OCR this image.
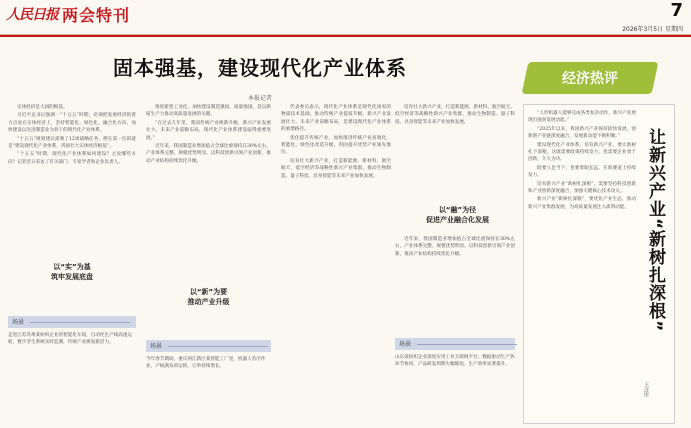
人民日报 两会特刊	7
2026年3月5日 星期四
固本强基，建设现代化产业体系
本报记者

实体经济是大国的根基。

习近平总书记强调：“十五五”时期，必须把发展经济的着力点放在实体经济上，坚持智能化、绿色化、融合化方向，加快建设以先进制造业为骨干的现代化产业体系。

“十五五”规划建议部署了12项战略任务，摆在第一位的就是“建设现代化产业体系，巩固壮大实体经济根基”。

“十五五”时期，现代化产业体系如何建设？主攻哪些方向？记者近日采访了有关部门、专家学者和企业负责人。

以“实”为基
筑牢发展底盘
场景
走进江苏苏州某纺织企业的智能化车间，自动化生产线高速运转，数字孪生系统实时监测，传统产业焕发新活力。

推进新型工业化，加快建设制造强国、质量强国，是以新质生产力推动高质量发展的关键。

“在过去几年里，我国传统产业焕新升级，新兴产业发展壮大，未来产业前瞻布局，现代化产业体系建设取得重要进展。”

近年来，我国制造业增加值占全球比重保持在30%左右，产业体系完整、规模优势明显。以科技创新引领产业创新，推动产业结构持续优化升级。

以“新”为要
推动产业升级
场景
今年春节期间，重庆两江新区某智能工厂里，机器人有序作业，产线满负荷运转，订单持续增长。

代表委员表示，现代化产业体系是现代化国家的物质技术基础。推动传统产业提质升级、新兴产业发展壮大、未来产业前瞻布局，是建设现代化产业体系的重要路径。

优化提升传统产业。加快推进传统产业高端化、智能化、绿色化改造升级，巩固提升优势产业领先地位。

培育壮大新兴产业，打造新能源、新材料、航空航天、低空经济等战略性新兴产业集群，推动生物制造、量子科技、具身智能等未来产业加快发展。

以“融”为径
促进产业融合化发展
场景
山东某纺织企业深度应用工业互联网平台，数据驱动生产各环节协同，产品研发周期大幅缩短，生产效率显著提升。

培育壮大新兴产业，打造新能源、新材料、航空航天、低空经济等战略性新兴产业集群，推动生物制造、量子科技、具身智能等未来产业加快发展。

近年来，我国制造业增加值占全球比重保持在30%左右，产业体系完整、规模优势明显。以科技创新引领产业创新，推动产业结构持续优化升级。

经济热评

“人形机器人能够完成各类复杂动作，新兴产业展现出强劲发展动能。”

“2025年以来，我国新兴产业保持较快发展，创新链产业链深度融合，发展新动能不断积聚。”

建设现代化产业体系，培育新兴产业，要让新树扎下深根。这既需要政策持续发力，也需要企业勇于创新，久久为功。

既要立足当下，也要着眼长远，在新赛道上持续发力。

培育新兴产业“新树扎深根”，需要坚持科技创新和产业创新深度融合，加强关键核心技术攻关。

新兴产业“新树扎深根”，要优化产业生态，推动新兴产业集群发展，为高质量发展注入澎湃动能。 让新兴产业“新树扎深根”
王彦彤
